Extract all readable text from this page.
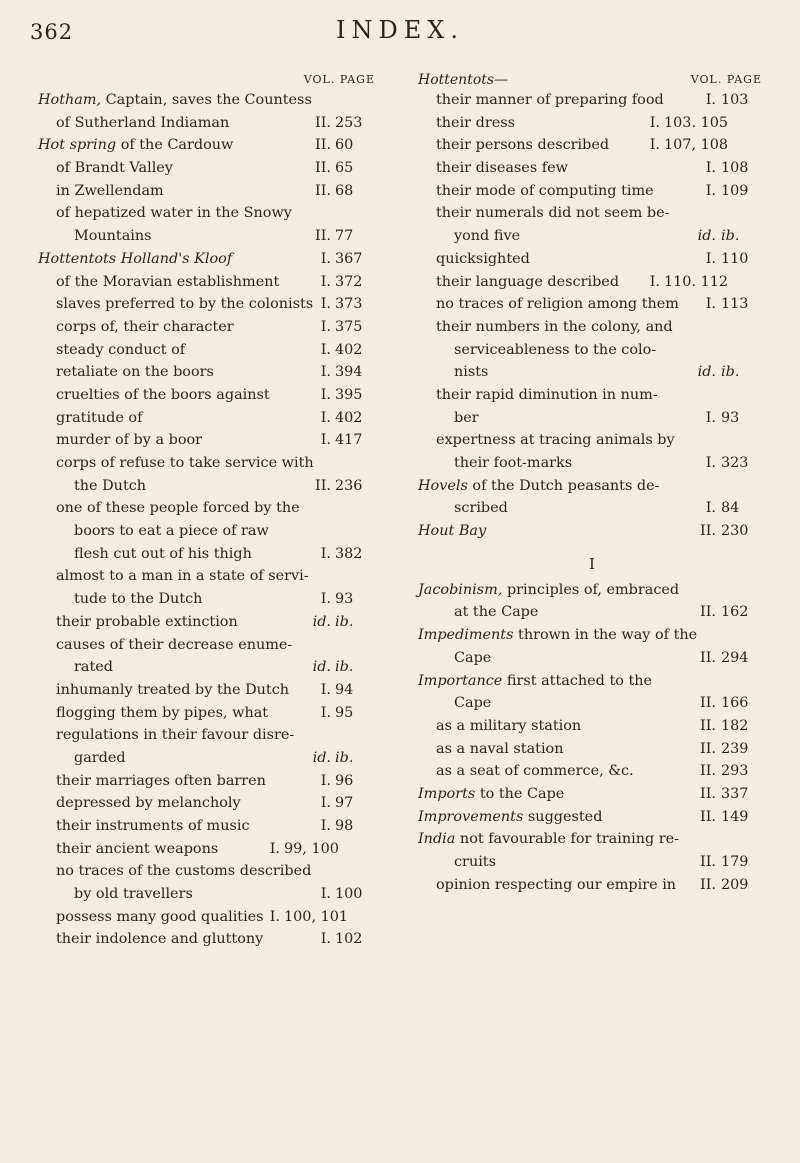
362	INDEX.
VOL. PAGE
Hotham, Captain, saves the Countess
of Sutherland Indiaman	II. 253
Hot spring of the Cardouw	II. 60
of Brandt Valley	II. 65
in Zwellendam	II. 68
of hepatized water in the Snowy
Mountains	II. 77
Hottentots Holland's Kloof	I. 367
of the Moravian establishment	I. 372
slaves preferred to by the colonists I. 373
corps of, their character	I. 375
steady conduct of	I. 402
retaliate on the boors	I. 394
cruelties of the boors against	I. 395
gratitude of	I. 402
murder of by a boor	I. 417
corps of refuse to take service with
the Dutch	II. 236
one of these people forced by the
boors to eat a piece of raw
flesh cut out of his thigh	I. 382
almost to a man in a state of servi-
tude to the Dutch	I. 93
their probable extinction	id. ib.
causes of their decrease enume-
rated	id. ib.
inhumanly treated by the Dutch	I. 94
flogging them by pipes, what	I. 95
regulations in their favour disre-
garded	id. ib.
their marriages often barren	I. 96
depressed by melancholy	I. 97
their instruments of music	I. 98
their ancient weapons	I. 99, 100
no traces of the customs described
by old travellers	I. 100
possess many good qualities I. 100, 101
their indolence and gluttony	I. 102
Hottentots—	VOL. PAGE
their manner of preparing food	I. 103
their dress	I. 103. 105
their persons described	I. 107, 108
their diseases few	I. 108
their mode of computing time	I. 109
their numerals did not seem be-
yond five	id. ib.
quicksighted	I. 110
their language described	I. 110. 112
no traces of religion among them	I. 113
their numbers in the colony, and
serviceableness to the colo-
nists	id. ib.
their rapid diminution in num-
ber	I. 93
expertness at tracing animals by
their foot-marks	I. 323
Hovels of the Dutch peasants de-
scribed	I. 84
Hout Bay	II. 230
I
Jacobinism, principles of, embraced
at the Cape	II. 162
Impediments thrown in the way of the
Cape	II. 294
Importance first attached to the
Cape	II. 166
as a military station	II. 182
as a naval station	II. 239
as a seat of commerce, &c.	II. 293
Imports to the Cape	II. 337
Improvements suggested	II. 149
India not favourable for training re-
cruits	II. 179
opinion respecting our empire in	II. 209
